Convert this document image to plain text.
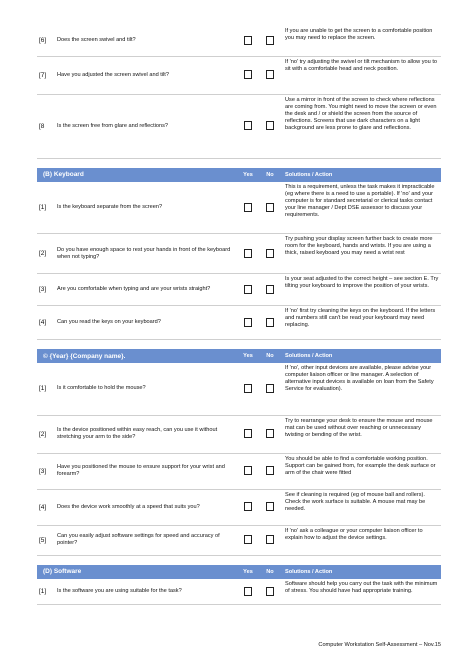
[6]	Does the screen swivel and tilt?			If you are unable to get the screen to a comfortable position you may need to replace the screen.
[7]	Have you adjusted the screen swivel and tilt?			If 'no' try adjusting the swivel or tilt mechanism to allow you to sit with a comfortable head and neck position.
[8	Is the screen free from glare and reflections?			Use a mirror in front of the screen to check where reflections are coming from. You might need to move the screen or even the desk and / or shield the screen from the source of reflections. Screens that use dark characters on a light background are less prone to glare and reflections.

(B) Keyboard		Yes	No	Solutions / Action
[1]	Is the keyboard separate from the screen?			This is a requirement, unless the task makes it impracticable (eg where there is a need to use a portable). If 'no' and your computer is for standard secretarial or clerical tasks contact your line manager / Dept DSE assessor to discuss your requirements.
[2]	Do you have enough space to rest your hands in front of the keyboard when not typing?			Try pushing your display screen further back to create more room for the keyboard, hands and wrists. If you are using a thick, raised keyboard you may need a wrist rest
[3]	Are you comfortable when typing and are your wrists straight?			Is your seat adjusted to the correct height – see section E. Try tilting your keyboard to improve the position of your wrists.
[4]	Can you read the keys on your keyboard?			If 'no' first try cleaning the keys on the keyboard. If the letters and numbers still can't be read your keyboard may need replacing.

© {Year} {Company name}.		Yes	No	Solutions / Action
[1]	Is it comfortable to hold the mouse?			If 'no', other input devices are available, please advise your computer liaison officer or line manager. A selection of alternative input devices is available on loan from the Safety Service for evaluation).
[2]	Is the device positioned within easy reach, can you use it without stretching your arm to the side?			Try to rearrange your desk to ensure the mouse and mouse mat can be used without over reaching or unnecessary twisting or bending of the wrist.
[3]	Have you positioned the mouse to ensure support for your wrist and forearm?			You should be able to find a comfortable working position. Support can be gained from, for example the desk surface or arm of the chair were fitted
[4]	Does the device work smoothly at a speed that suits you?			See if cleaning is required (eg of mouse ball and rollers). Check the work surface is suitable. A mouse mat may be needed.
[5]	Can you easily adjust software settings for speed and accuracy of pointer?			If 'no' ask a colleague or your computer liaison officer to explain how to adjust the device settings.

(D) Software		Yes	No	Solutions / Action
[1]	Is the software you are using suitable for the task?			Software should help you carry out the task with the minimum of stress. You should have had appropriate training.
Computer Workstation Self-Assessment – Nov.15
